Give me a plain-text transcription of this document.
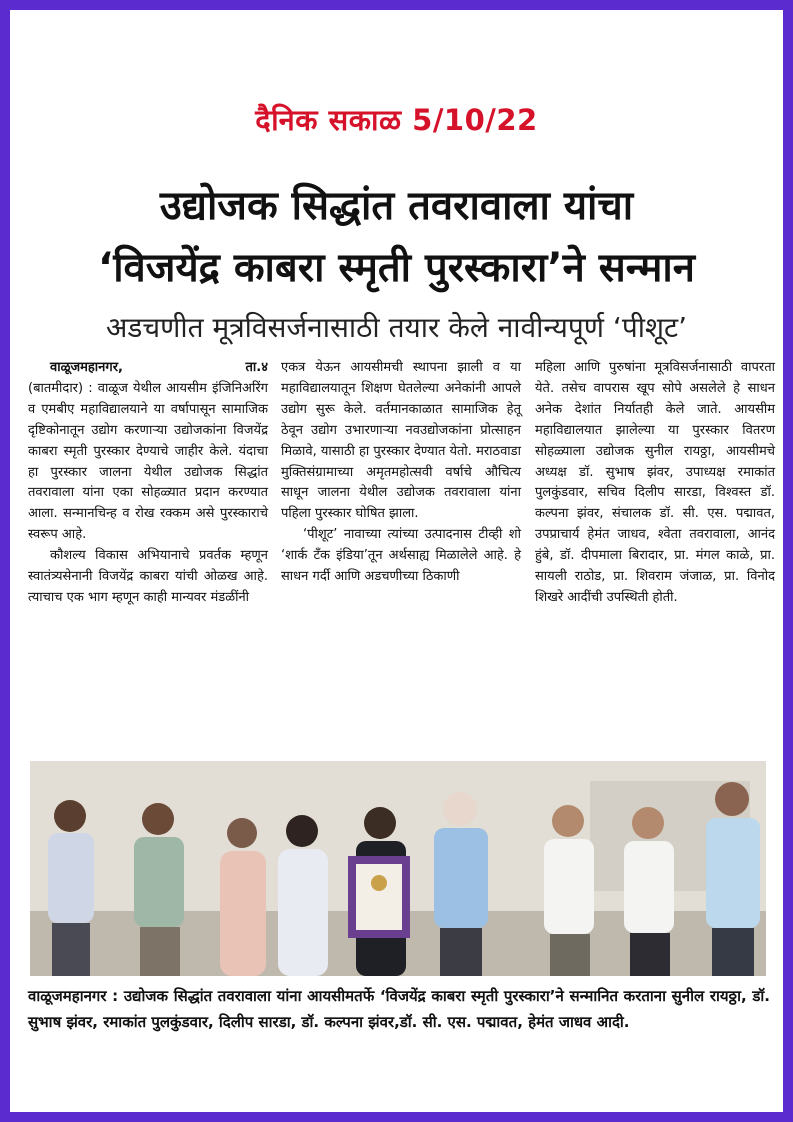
दैनिक सकाळ 5/10/22
उद्योजक सिद्धांत तवरावाला यांचा
‘विजयेंद्र काबरा स्मृती पुरस्कारा’ने सन्मान
अडचणीत मूत्रविसर्जनासाठी तयार केले नावीन्यपूर्ण ‘पीशूट’
वाळूजमहानगर,	ता.४

(बातमीदार) : वाळूज येथील आयसीम इंजिनिअरिंग व एमबीए महाविद्यालयाने या वर्षापासून सामाजिक दृष्टिकोनातून उद्योग करणाऱ्या उद्योजकांना विजयेंद्र काबरा स्मृती पुरस्कार देण्याचे जाहीर केले. यंदाचा हा पुरस्कार जालना येथील उद्योजक सिद्धांत तवरावाला यांना एका सोहळ्यात प्रदान करण्यात आला. सन्मानचिन्ह व रोख रक्कम असे पुरस्काराचे स्वरूप आहे.

कौशल्य विकास अभियानाचे प्रवर्तक म्हणून स्वातंत्र्यसेनानी विजयेंद्र काबरा यांची ओळख आहे. त्याचाच एक भाग म्हणून काही मान्यवर मंडळींनी

एकत्र येऊन आयसीमची स्थापना झाली व या महाविद्यालयातून शिक्षण घेतलेल्या अनेकांनी आपले उद्योग सुरू केले. वर्तमानकाळात सामाजिक हेतू ठेवून उद्योग उभारणाऱ्या नवउद्योजकांना प्रोत्साहन मिळावे, यासाठी हा पुरस्कार देण्यात येतो. मराठवाडा मुक्तिसंग्रामाच्या अमृतमहोत्सवी वर्षाचे औचित्य साधून जालना येथील उद्योजक तवरावाला यांना पहिला पुरस्कार घोषित झाला.

‘पीशूट’ नावाच्या त्यांच्या उत्पादनास टीव्ही शो ‘शार्क टँक इंडिया’तून अर्थसाह्य मिळालेले आहे. हे साधन गर्दी आणि अडचणीच्या ठिकाणी

महिला आणि पुरुषांना मूत्रविसर्जनासाठी वापरता येते. तसेच वापरास खूप सोपे असलेले हे साधन अनेक देशांत निर्यातही केले जाते. आयसीम महाविद्यालयात झालेल्या या पुरस्कार वितरण सोहळ्याला उद्योजक सुनील रायठ्ठा, आयसीमचे अध्यक्ष डॉ. सुभाष झंवर, उपाध्यक्ष रमाकांत पुलकुंडवार, सचिव दिलीप सारडा, विश्वस्त डॉ. कल्पना झंवर, संचालक डॉ. सी. एस. पद्मावत, उपप्राचार्य हेमंत जाधव, श्वेता तवरावाला, आनंद हुंबे, डॉ. दीपमाला बिरादार, प्रा. मंगल काळे, प्रा. सायली राठोड, प्रा. शिवराम जंजाळ, प्रा. विनोद शिखरे आदींची उपस्थिती होती.

वाळूजमहानगर : उद्योजक सिद्धांत तवरावाला यांना आयसीमतर्फे ‘विजयेंद्र काबरा स्मृती पुरस्कारा’ने सन्मानित करताना सुनील रायठ्ठा, डॉ. सुभाष झंवर, रमाकांत पुलकुंडवार, दिलीप सारडा, डॉ. कल्पना झंवर,डॉ. सी. एस. पद्मावत, हेमंत जाधव आदी.
